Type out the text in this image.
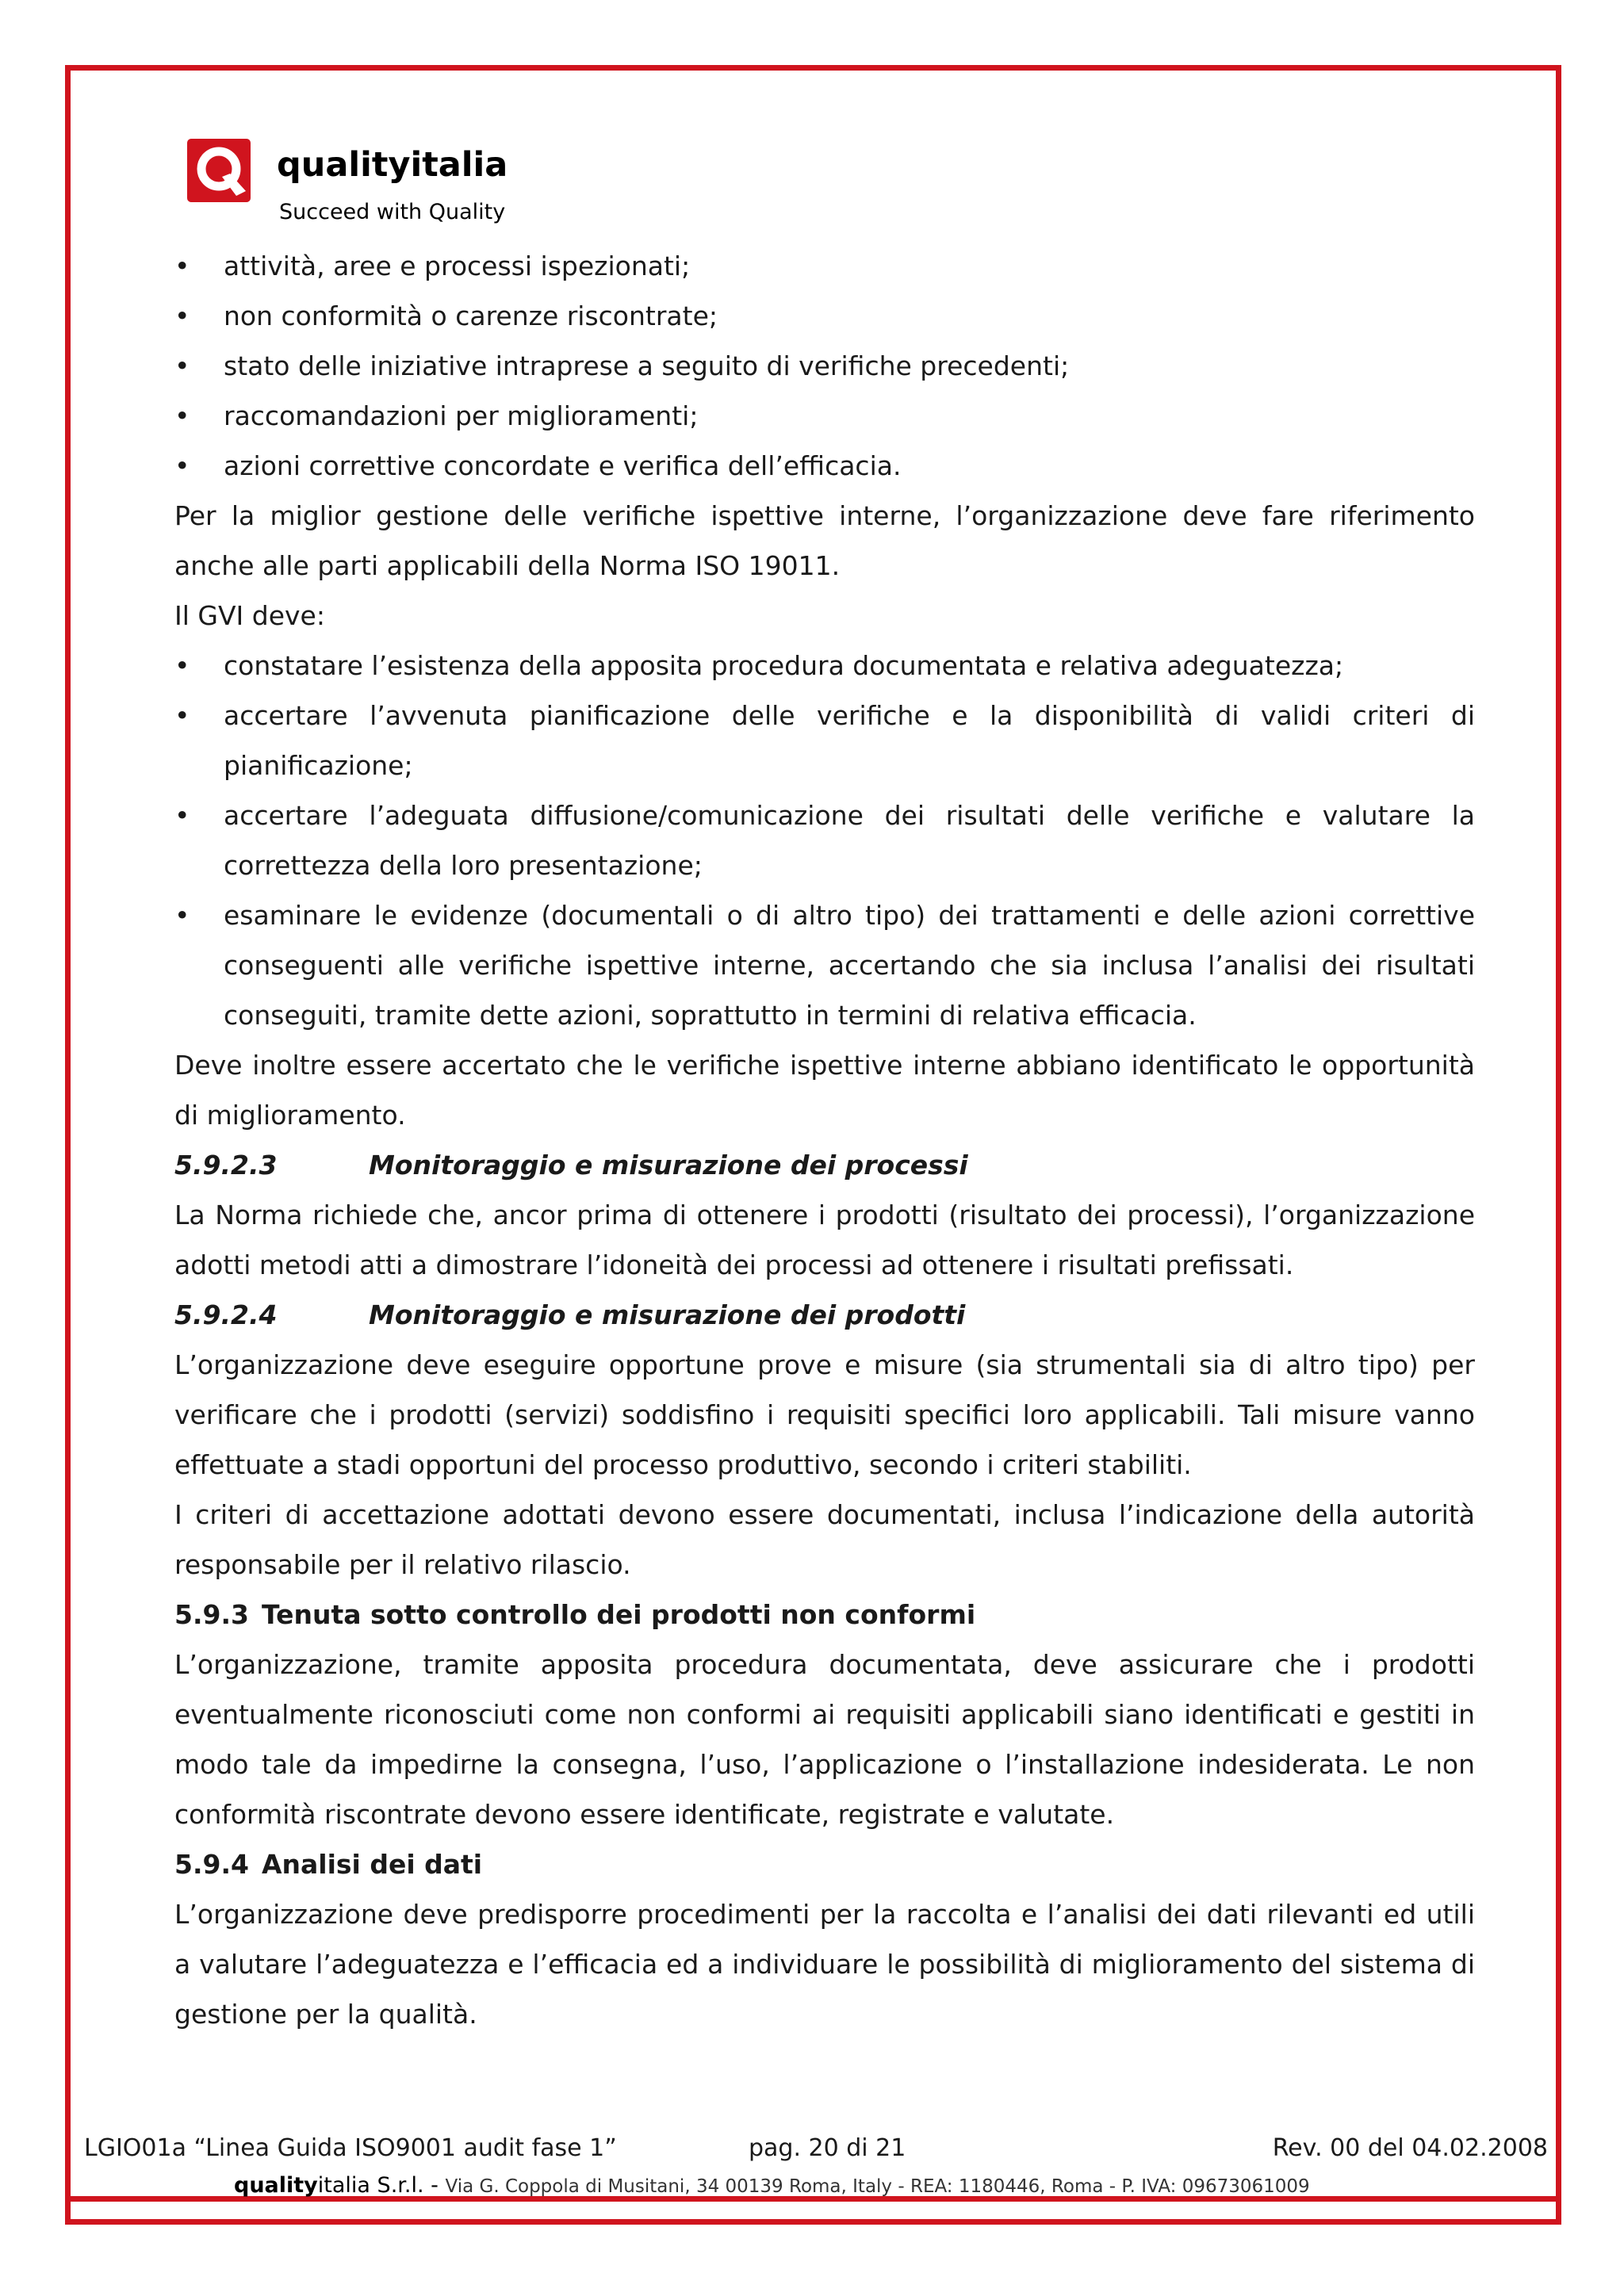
qualityitalia
Succeed with Quality
• attività, aree e processi ispezionati;
• non conformità o carenze riscontrate;
• stato delle iniziative intraprese a seguito di verifiche precedenti;
• raccomandazioni per miglioramenti;
• azioni correttive concordate e verifica dell’efficacia.

Per la miglior gestione delle verifiche ispettive interne, l’organizzazione deve fare riferimento anche alle parti applicabili della Norma ISO 19011.

Il GVI deve:

• constatare l’esistenza della apposita procedura documentata e relativa adeguatezza;
• accertare l’avvenuta pianificazione delle verifiche e la disponibilità di validi criteri di pianificazione;
• accertare l’adeguata diffusione/comunicazione dei risultati delle verifiche e valutare la correttezza della loro presentazione;
• esaminare le evidenze (documentali o di altro tipo) dei trattamenti e delle azioni correttive conseguenti alle verifiche ispettive interne, accertando che sia inclusa l’analisi dei risultati conseguiti, tramite dette azioni, soprattutto in termini di relativa efficacia.

Deve inoltre essere accertato che le verifiche ispettive interne abbiano identificato le opportunità di miglioramento.

5.9.2.3	Monitoraggio e misurazione dei processi

La Norma richiede che, ancor prima di ottenere i prodotti (risultato dei processi), l’organizzazione adotti metodi atti a dimostrare l’idoneità dei processi ad ottenere i risultati prefissati.

5.9.2.4	Monitoraggio e misurazione dei prodotti

L’organizzazione deve eseguire opportune prove e misure (sia strumentali sia di altro tipo) per verificare che i prodotti (servizi) soddisfino i requisiti specifici loro applicabili. Tali misure vanno effettuate a stadi opportuni del processo produttivo, secondo i criteri stabiliti.

I criteri di accettazione adottati devono essere documentati, inclusa l’indicazione della autorità responsabile per il relativo rilascio.

5.9.3 Tenuta sotto controllo dei prodotti non conformi

L’organizzazione, tramite apposita procedura documentata, deve assicurare che i prodotti eventualmente riconosciuti come non conformi ai requisiti applicabili siano identificati e gestiti in modo tale da impedirne la consegna, l’uso, l’applicazione o l’installazione indesiderata. Le non conformità riscontrate devono essere identificate, registrate e valutate.

5.9.4 Analisi dei dati

L’organizzazione deve predisporre procedimenti per la raccolta e l’analisi dei dati rilevanti ed utili a valutare l’adeguatezza e l’efficacia ed a individuare le possibilità di miglioramento del sistema di gestione per la qualità.

LGIO01a “Linea Guida ISO9001 audit fase 1”	pag. 20 di 21	Rev. 00 del 04.02.2008
qualityitalia S.r.l. - Via G. Coppola di Musitani, 34 00139 Roma, Italy - REA: 1180446, Roma - P. IVA: 09673061009
